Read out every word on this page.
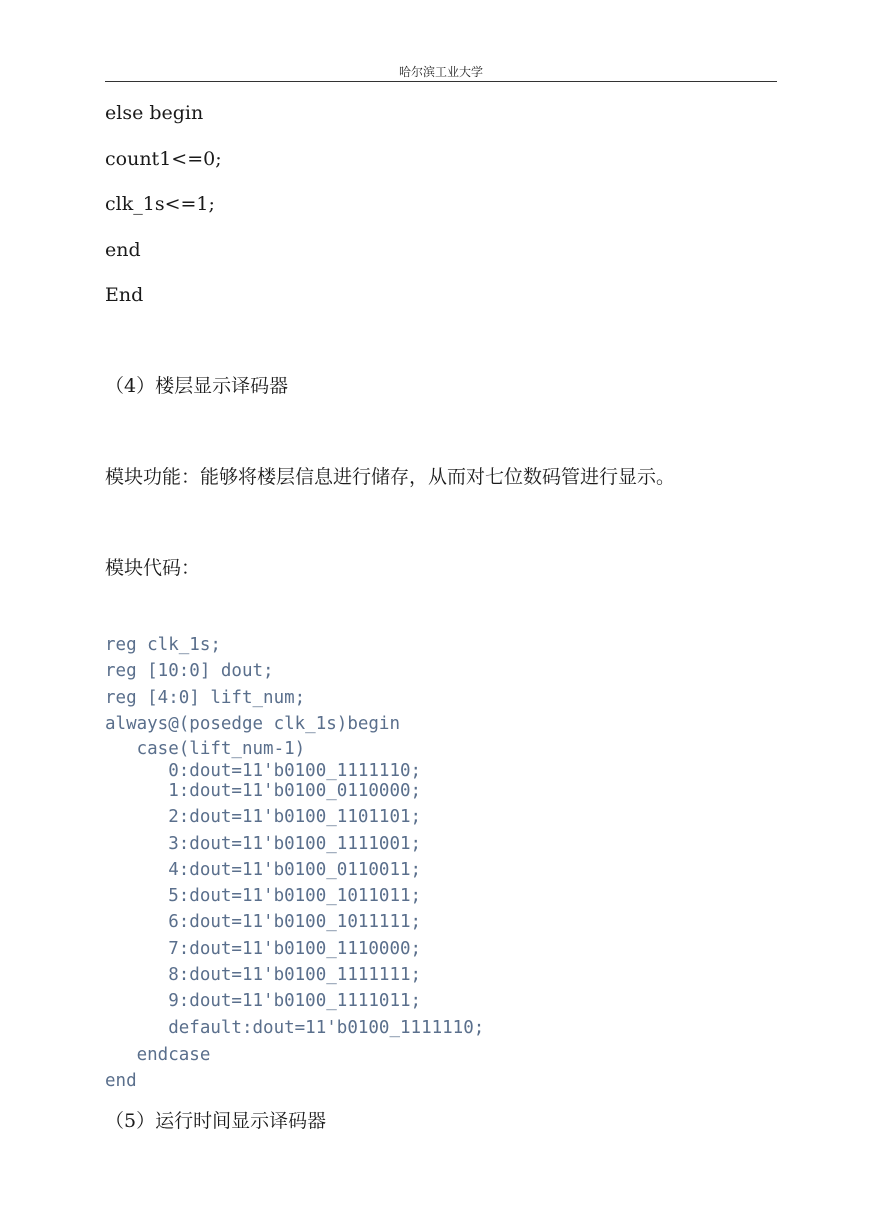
哈尔滨工业大学
else begin
count1<=0;
clk_1s<=1;
end
End
（4）楼层显示译码器
模块功能：能够将楼层信息进行储存，从而对七位数码管进行显示。
模块代码：
reg clk_1s;
reg [10:0] dout;
reg [4:0] lift_num;
always@(posedge clk_1s)begin
case(lift_num-1)
0:dout=11'b0100_1111110;
1:dout=11'b0100_0110000;
2:dout=11'b0100_1101101;
3:dout=11'b0100_1111001;
4:dout=11'b0100_0110011;
5:dout=11'b0100_1011011;
6:dout=11'b0100_1011111;
7:dout=11'b0100_1110000;
8:dout=11'b0100_1111111;
9:dout=11'b0100_1111011;
default:dout=11'b0100_1111110;
endcase
end
（5）运行时间显示译码器
